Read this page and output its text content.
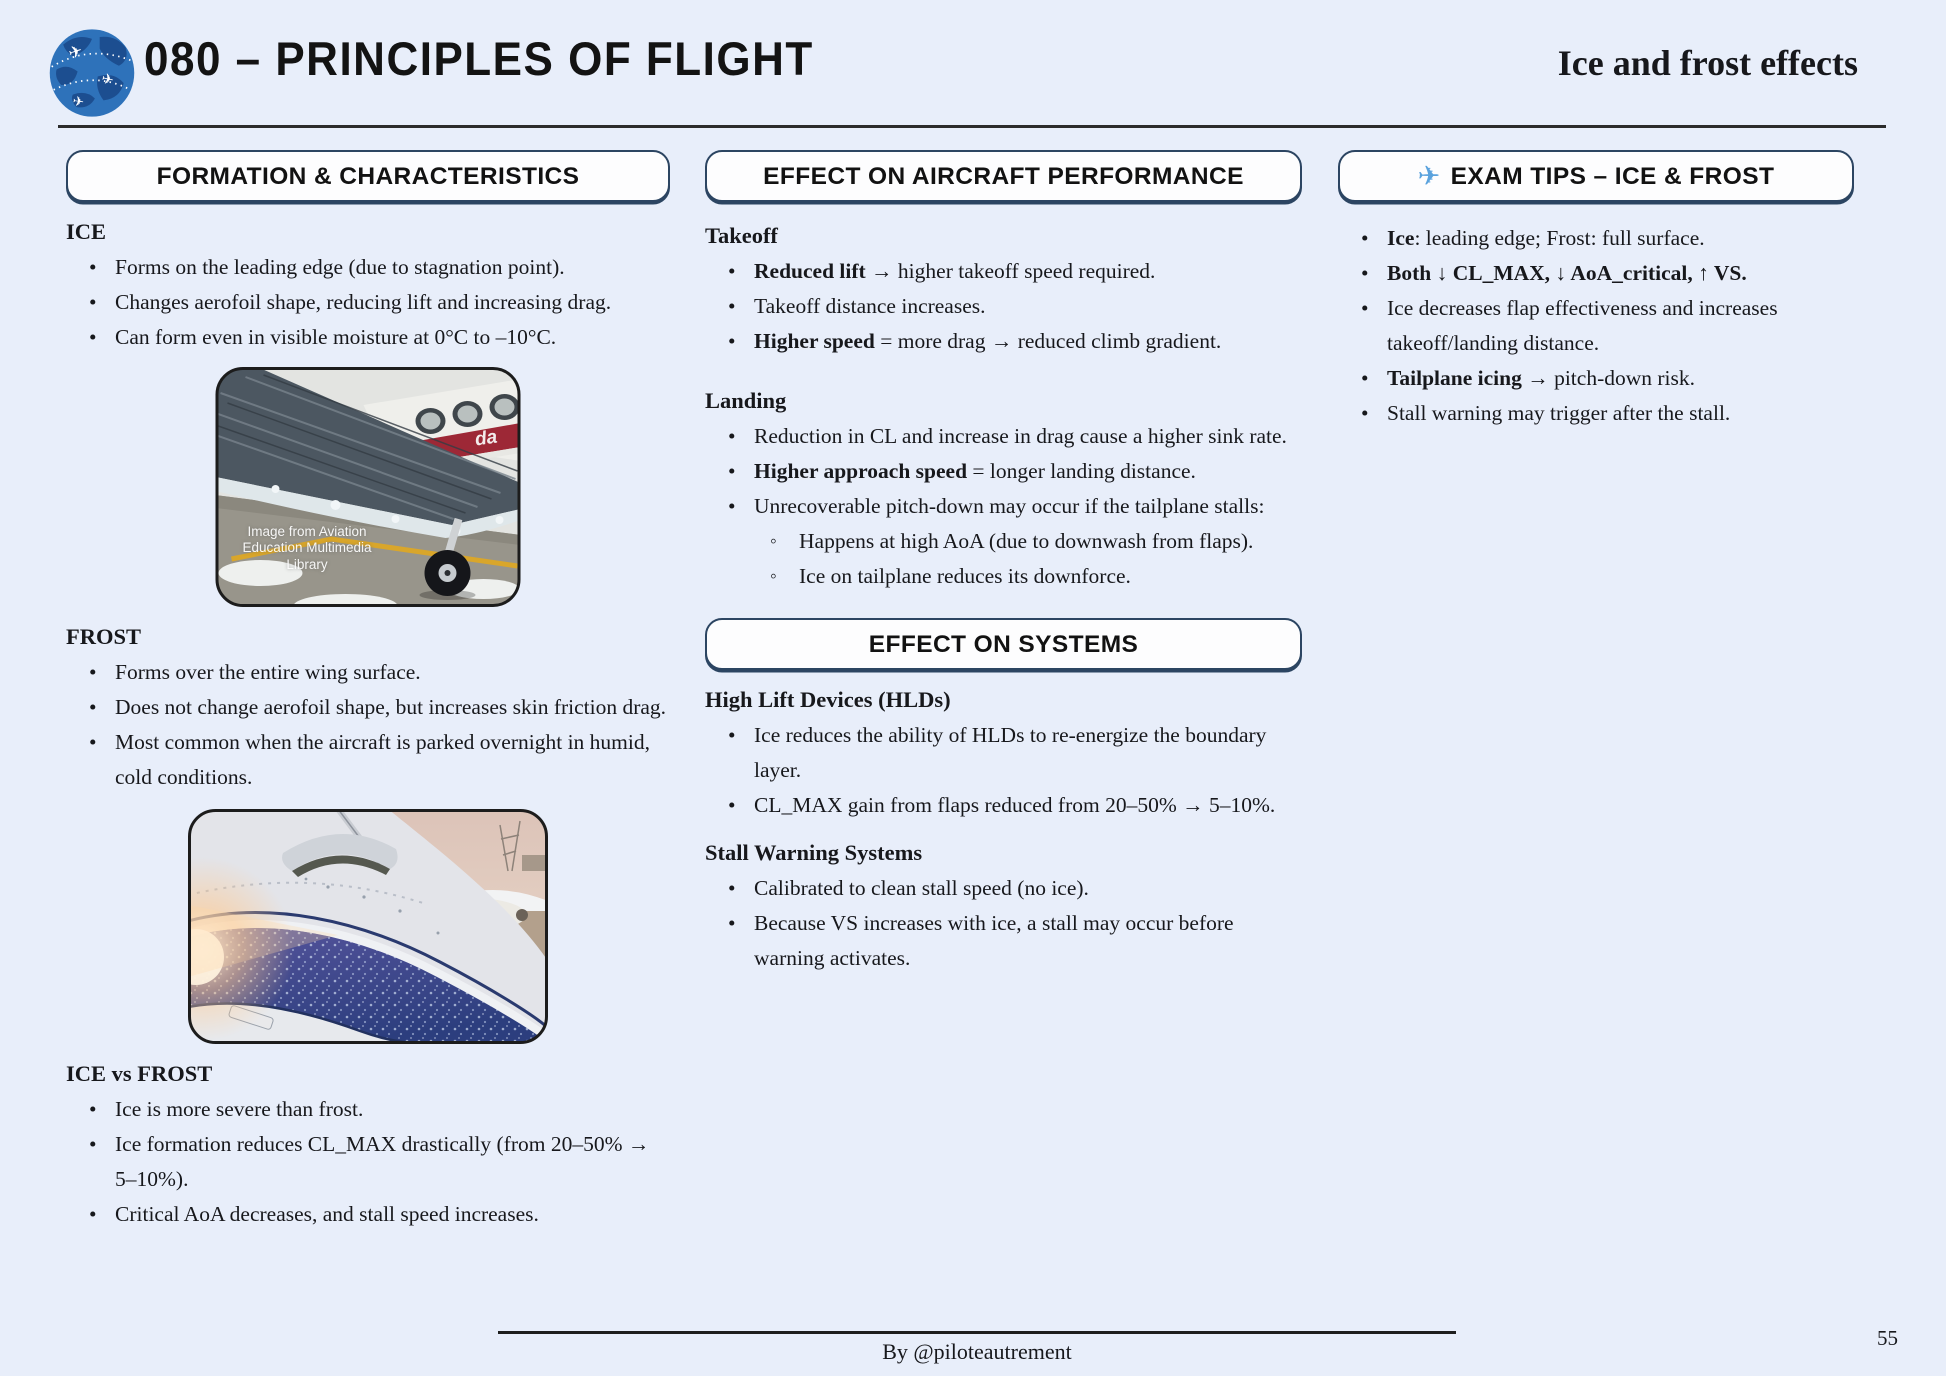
✈
✈
✈
080 – PRINCIPLES OF FLIGHT	Ice and frost effects
FORMATION & CHARACTERISTICS
ICE
• Forms on the leading edge (due to stagnation point).
• Changes aerofoil shape, reducing lift and increasing drag.
• Can form even in visible moisture at 0°C to –10°C.
Image from Aviation Education Multimedia Library
da
FROST
• Forms over the entire wing surface.
• Does not change aerofoil shape, but increases skin friction drag.
• Most common when the aircraft is parked overnight in humid, cold conditions.
ICE vs FROST
• Ice is more severe than frost.
• Ice formation reduces CL_MAX drastically (from 20–50% → 5–10%).
• Critical AoA decreases, and stall speed increases.
EFFECT ON AIRCRAFT PERFORMANCE
Takeoff
• Reduced lift → higher takeoff speed required.
• Takeoff distance increases.
• Higher speed = more drag → reduced climb gradient.
Landing
• Reduction in CL and increase in drag cause a higher sink rate.
• Higher approach speed = longer landing distance.
• Unrecoverable pitch-down may occur if the tailplane stalls:
◦ Happens at high AoA (due to downwash from flaps).
◦ Ice on tailplane reduces its downforce.
EFFECT ON SYSTEMS
High Lift Devices (HLDs)
• Ice reduces the ability of HLDs to re-energize the boundary layer.
• CL_MAX gain from flaps reduced from 20–50% → 5–10%.
Stall Warning Systems
• Calibrated to clean stall speed (no ice).
• Because VS increases with ice, a stall may occur before warning activates.
✈ EXAM TIPS – ICE & FROST
• Ice: leading edge; Frost: full surface.
• Both ↓ CL_MAX, ↓ AoA_critical, ↑ VS.
• Ice decreases flap effectiveness and increases takeoff/landing distance.
• Tailplane icing → pitch-down risk.
• Stall warning may trigger after the stall.
By @piloteautrement
55
